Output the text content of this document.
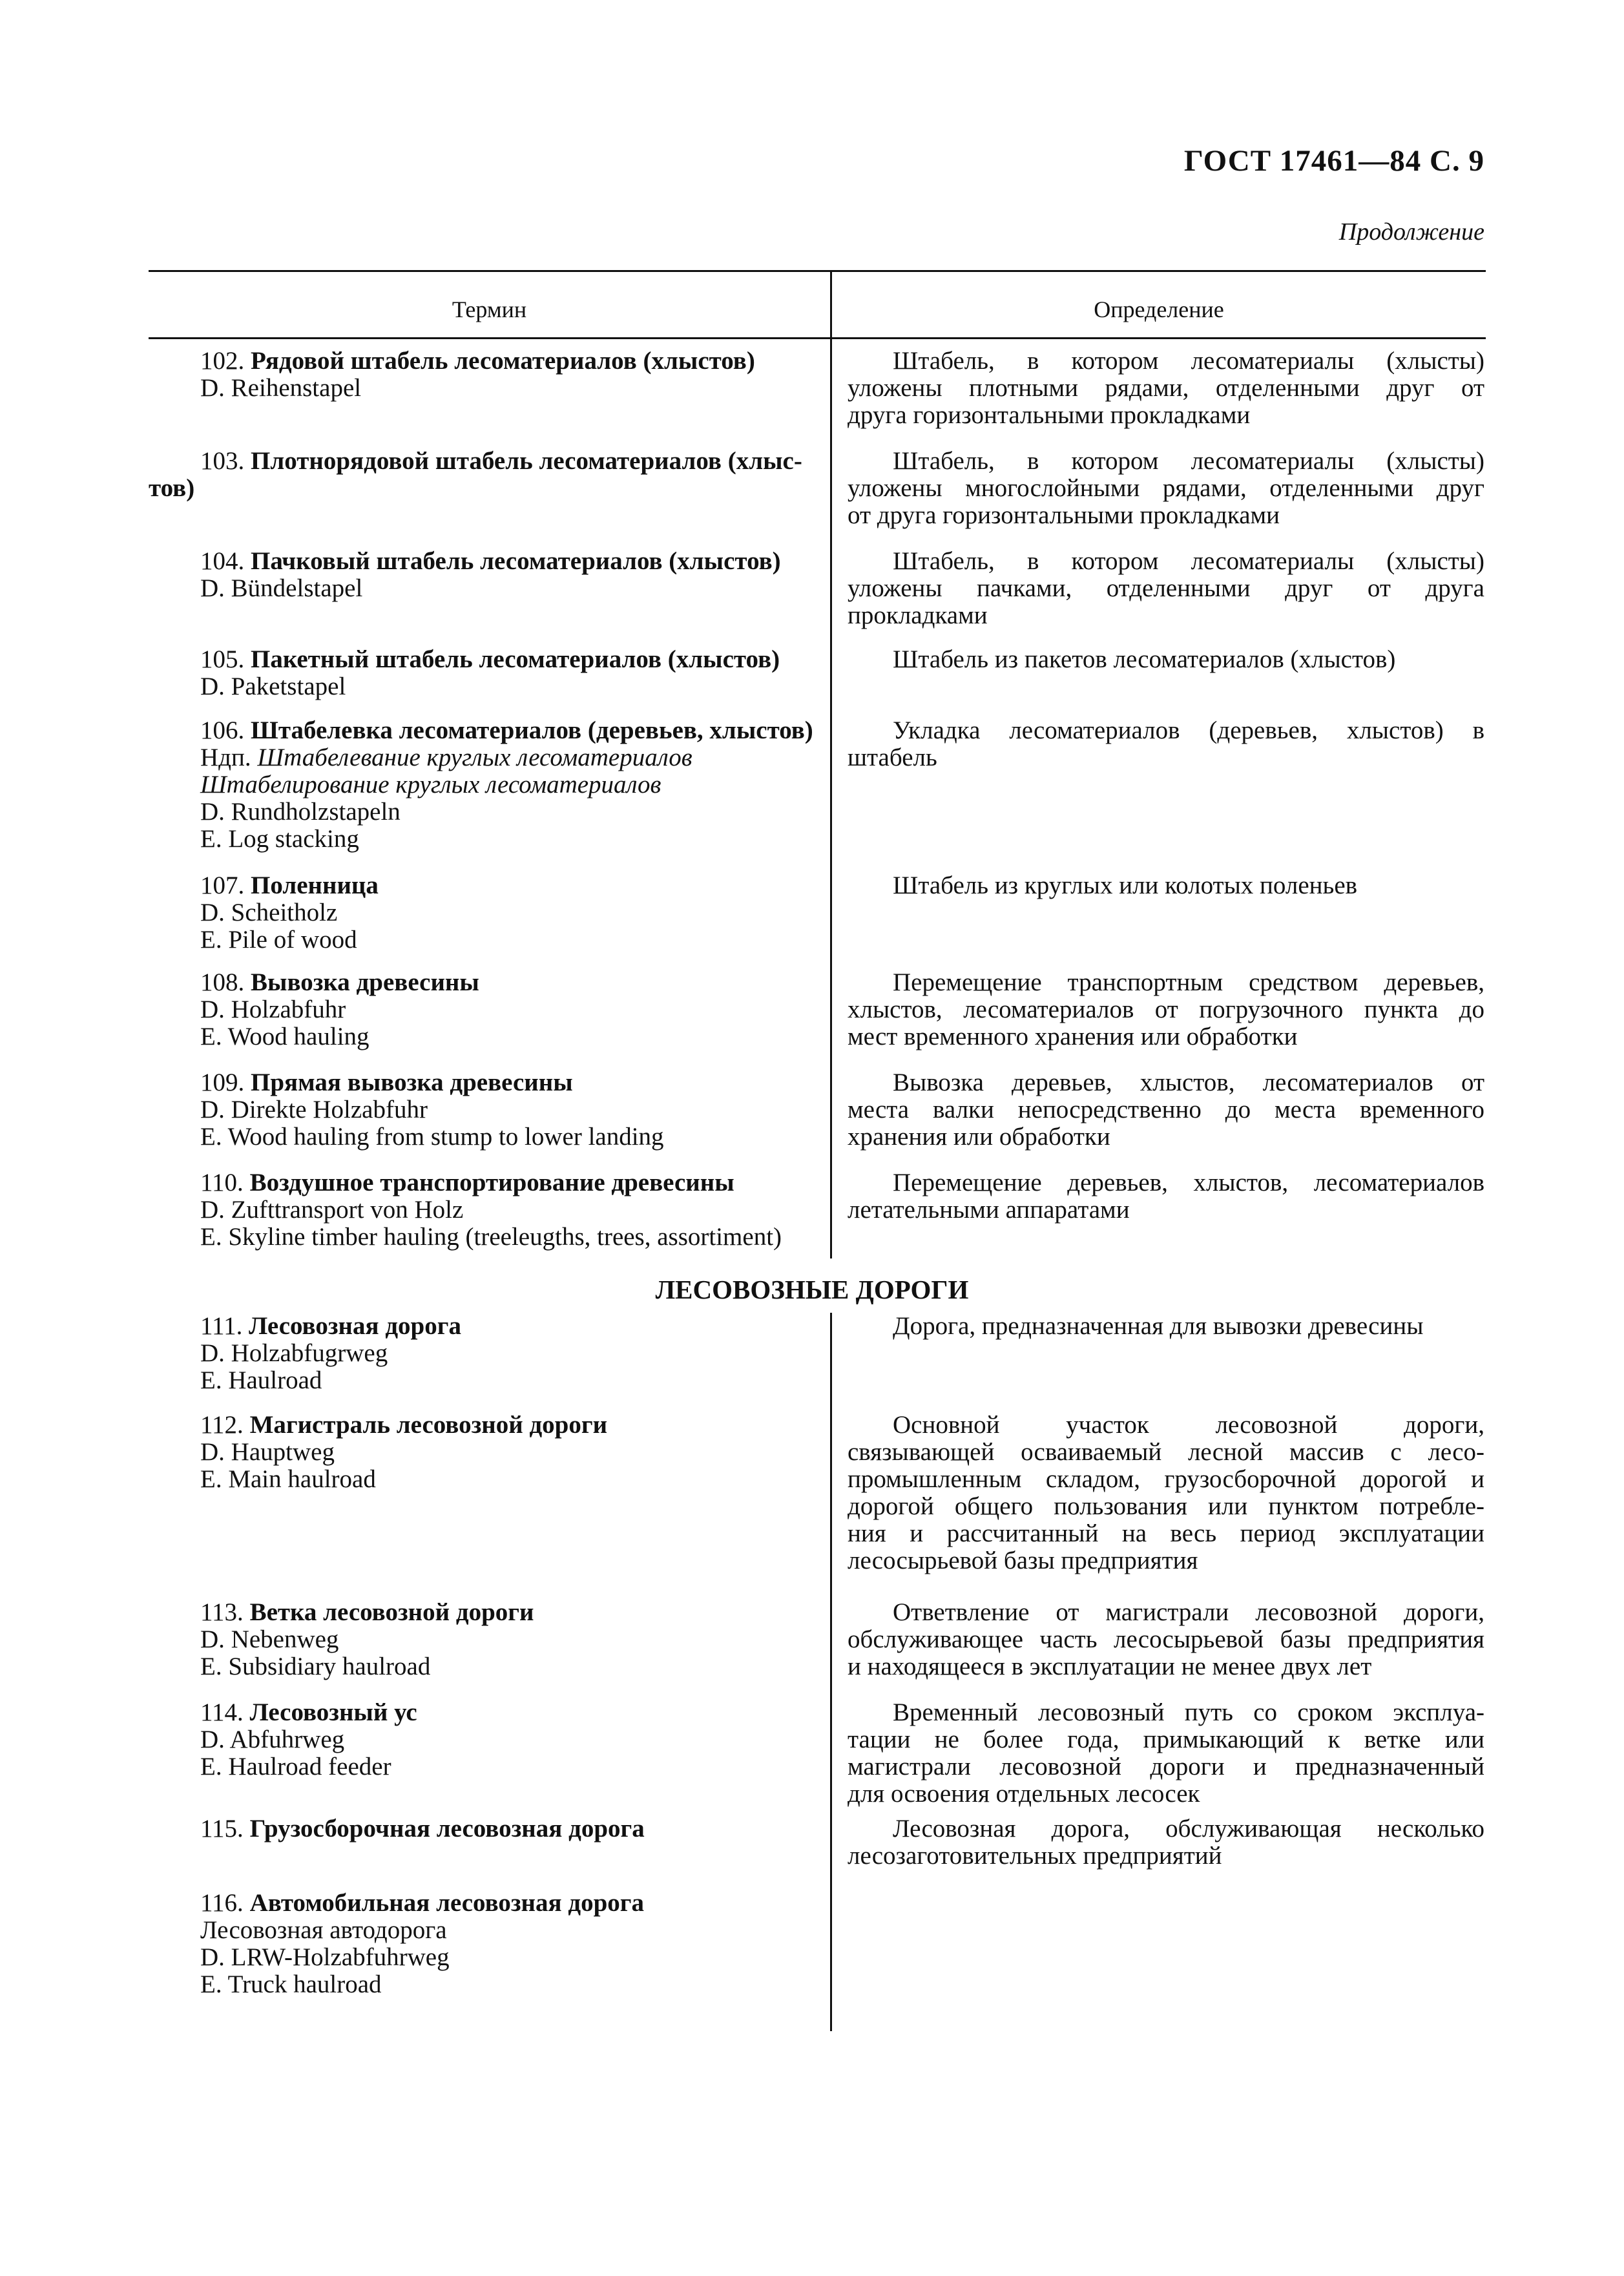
ГОСТ 17461—84 С. 9
Продолжение
Термин	Определение
ЛЕСОВОЗНЫЕ ДОРОГИ
102. Рядовой штабель лесоматериалов (хлыстов)
D. Reihenstapel
Штабель, в котором лесоматериалы (хлысты)
уложены плотными рядами, отделенными друг от
друга горизонтальными прокладками
103. Плотнорядовой штабель лесоматериалов (хлыс-
тов)
Штабель, в котором лесоматериалы (хлысты)
уложены многослойными рядами, отделенными друг
от друга горизонтальными прокладками
104. Пачковый штабель лесоматериалов (хлыстов)
D. Bündelstapel
Штабель, в котором лесоматериалы (хлысты)
уложены пачками, отделенными друг от друга
прокладками
105. Пакетный штабель лесоматериалов (хлыстов)
D. Paketstapel
Штабель из пакетов лесоматериалов (хлыстов)
106. Штабелевка лесоматериалов (деревьев, хлыстов)
Ндп. Штабелевание круглых лесоматериалов
Штабелирование круглых лесоматериалов
D. Rundholzstapeln
E. Log stacking
Укладка лесоматериалов (деревьев, хлыстов) в
штабель
107. Поленница
D. Scheitholz
E. Pile of wood
Штабель из круглых или колотых поленьев
108. Вывозка древесины
D. Holzabfuhr
E. Wood hauling
Перемещение транспортным средством деревьев,
хлыстов, лесоматериалов от погрузочного пункта до
мест временного хранения или обработки
109. Прямая вывозка древесины
D. Direkte Holzabfuhr
E. Wood hauling from stump to lower landing
Вывозка деревьев, хлыстов, лесоматериалов от
места валки непосредственно до места временного
хранения или обработки
110. Воздушное транспортирование древесины
D. Zufttransport von Holz
E. Skyline timber hauling (treeleugths, trees, assortiment)
Перемещение деревьев, хлыстов, лесоматериалов
летательными аппаратами
111. Лесовозная дорога
D. Holzabfugrweg
E. Haulroad
Дорога, предназначенная для вывозки древесины
112. Магистраль лесовозной дороги
D. Hauptweg
E. Main haulroad
Основной участок лесовозной дороги,
связывающей осваиваемый лесной массив с лесо-
промышленным складом, грузосборочной дорогой и
дорогой общего пользования или пунктом потребле-
ния и рассчитанный на весь период эксплуатации
лесосырьевой базы предприятия
113. Ветка лесовозной дороги
D. Nebenweg
E. Subsidiary haulroad
Ответвление от магистрали лесовозной дороги,
обслуживающее часть лесосырьевой базы предприятия
и находящееся в эксплуатации не менее двух лет
114. Лесовозный ус
D. Abfuhrweg
E. Haulroad feeder
Временный лесовозный путь со сроком эксплуа-
тации не более года, примыкающий к ветке или
магистрали лесовозной дороги и предназначенный
для освоения отдельных лесосек
115. Грузосборочная лесовозная дорога	Лесовозная дорога, обслуживающая несколько
лесозаготовительных предприятий
116. Автомобильная лесовозная дорога
Лесовозная автодорога
D. LRW-Holzabfuhrweg
E. Truck haulroad
